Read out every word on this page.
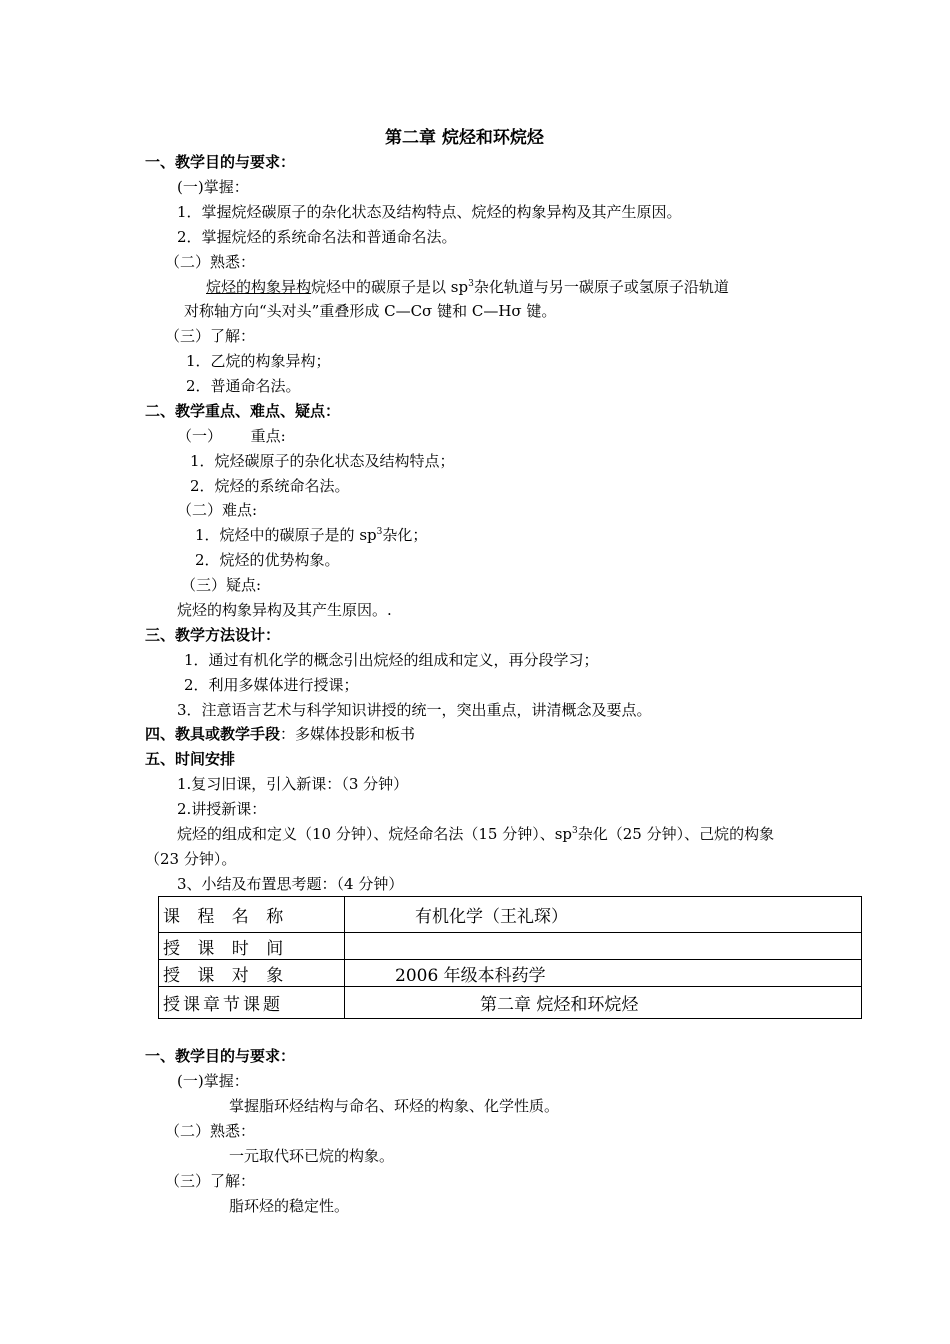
第二章 烷烃和环烷烃
一、教学目的与要求：
(一)掌握：
1．掌握烷烃碳原子的杂化状态及结构特点、烷烃的构象异构及其产生原因。
2．掌握烷烃的系统命名法和普通命名法。
（二）熟悉：
烷烃的构象异构烷烃中的碳原子是以 $sp^3$杂化轨道与另一碳原子或氢原子沿轨道
对称轴方向“头对头”重叠形成 C—Cσ 键和 C—Hσ 键。
（三）了解：
1．乙烷的构象异构；
2．普通命名法。
二、教学重点、难点、疑点：
（一）      重点:
1．烷烃碳原子的杂化状态及结构特点；
2．烷烃的系统命名法。
（二）难点:
1．烷烃中的碳原子是的 $sp^3$杂化；
2．烷烃的优势构象。
（三）疑点:
烷烃的构象异构及其产生原因。.
三、教学方法设计：
1．通过有机化学的概念引出烷烃的组成和定义，再分段学习；
2．利用多媒体进行授课；
3．注意语言艺术与科学知识讲授的统一，突出重点，讲清概念及要点。
四、教具或教学手段：多媒体投影和板书
五、时间安排
1.复习旧课，引入新课：（3 分钟）
2.讲授新课：
烷烃的组成和定义（10 分钟）、烷烃命名法（15 分钟）、$sp^3$杂化（25 分钟）、己烷的构象
（23 分钟）。
3、小结及布置思考题：（4 分钟）
课 程 名 称	有机化学（王礼琛）
授 课 时 间	
授 课 对 象	2006 年级本科药学
授课章节课题	第二章 烷烃和环烷烃
一、教学目的与要求：
(一)掌握：
掌握脂环烃结构与命名、环烃的构象、化学性质。
（二）熟悉：
一元取代环已烷的构象。
（三）了解：
脂环烃的稳定性。
